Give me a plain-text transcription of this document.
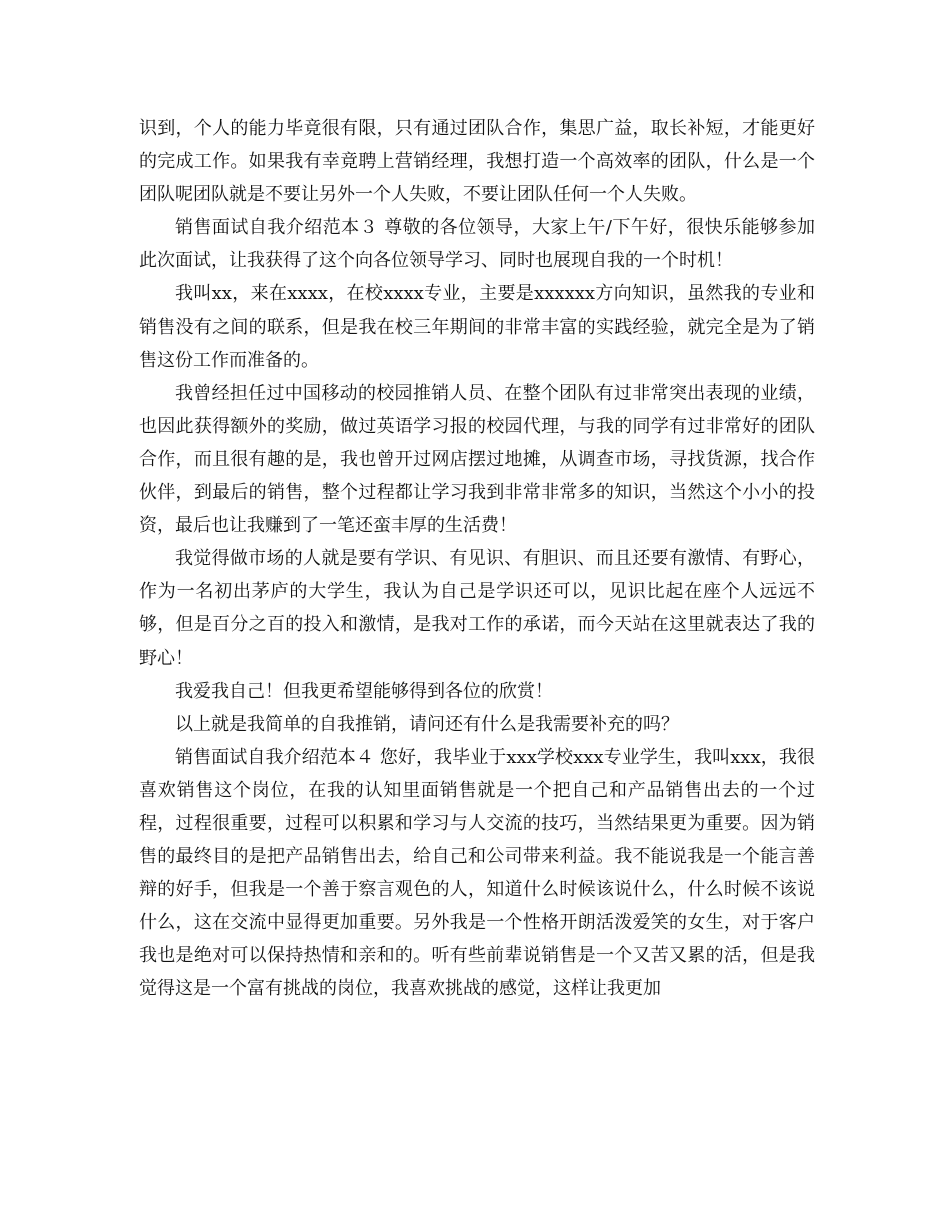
识到，个人的能力毕竟很有限，只有通过团队合作，集思广益，取长补短，才能更好的完成工作。如果我有幸竟聘上营销经理，我想打造一个高效率的团队，什么是一个团队呢团队就是不要让另外一个人失败，不要让团队任何一个人失败。

销售面试自我介绍范本３ 尊敬的各位领导，大家上午/下午好，很快乐能够参加此次面试，让我获得了这个向各位领导学习、同时也展现自我的一个时机！

我叫xx，来在xxxx，在校xxxx专业，主要是xxxxxx方向知识，虽然我的专业和销售没有之间的联系，但是我在校三年期间的非常丰富的实践经验，就完全是为了销售这份工作而准备的。

我曾经担任过中国移动的校园推销人员、在整个团队有过非常突出表现的业绩，也因此获得额外的奖励，做过英语学习报的校园代理，与我的同学有过非常好的团队合作，而且很有趣的是，我也曾开过网店摆过地摊，从调查市场，寻找货源，找合作伙伴，到最后的销售，整个过程都让学习我到非常非常多的知识，当然这个小小的投资，最后也让我赚到了一笔还蛮丰厚的生活费！

我觉得做市场的人就是要有学识、有见识、有胆识、而且还要有激情、有野心，作为一名初出茅庐的大学生，我认为自己是学识还可以，见识比起在座个人远远不够，但是百分之百的投入和激情，是我对工作的承诺，而今天站在这里就表达了我的野心！

我爱我自己！但我更希望能够得到各位的欣赏！

以上就是我简单的自我推销，请问还有什么是我需要补充的吗？

销售面试自我介绍范本４ 您好，我毕业于xxx学校xxx专业学生，我叫xxx，我很喜欢销售这个岗位，在我的认知里面销售就是一个把自己和产品销售出去的一个过程，过程很重要，过程可以积累和学习与人交流的技巧，当然结果更为重要。因为销售的最终目的是把产品销售出去，给自己和公司带来利益。我不能说我是一个能言善辩的好手，但我是一个善于察言观色的人，知道什么时候该说什么，什么时候不该说什么，这在交流中显得更加重要。另外我是一个性格开朗活泼爱笑的女生，对于客户我也是绝对可以保持热情和亲和的。听有些前辈说销售是一个又苦又累的活，但是我觉得这是一个富有挑战的岗位，我喜欢挑战的感觉，这样让我更加
